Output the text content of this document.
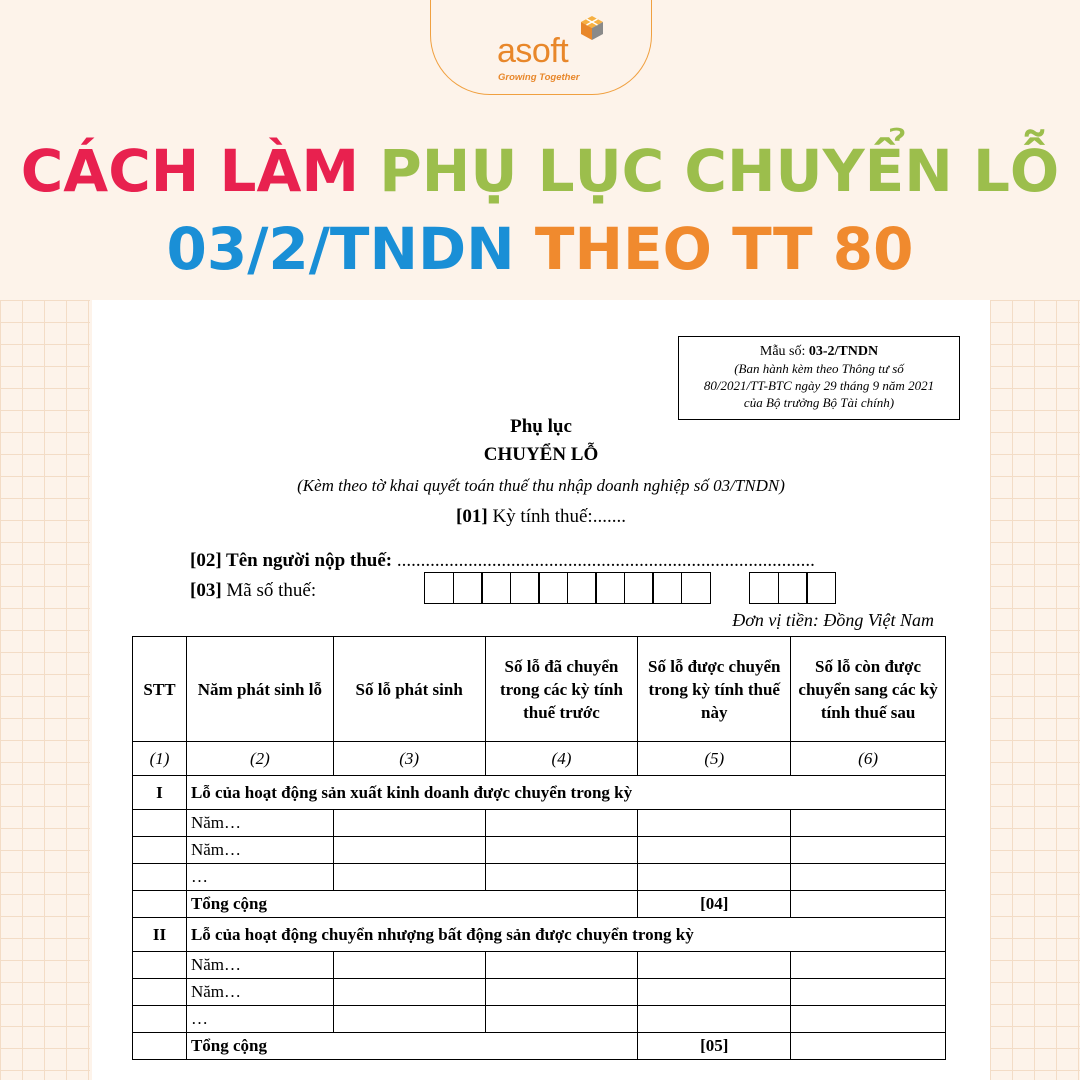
asoft
Growing Together
CÁCH LÀM PHỤ LỤC CHUYỂN LỖ
03/2/TNDN THEO TT 80
Mẫu số: 03-2/TNDN
(Ban hành kèm theo Thông tư số
80/2021/TT-BTC ngày 29 tháng 9 năm 2021
của Bộ trưởng Bộ Tài chính)
Phụ lục
CHUYỂN LỖ
(Kèm theo tờ khai quyết toán thuế thu nhập doanh nghiệp số 03/TNDN)
[01] Kỳ tính thuế:.......
[02] Tên người nộp thuế: ........................................................................................
[03] Mã số thuế:
Đơn vị tiền: Đồng Việt Nam
STT	Năm phát sinh lỗ	Số lỗ phát sinh	Số lỗ đã chuyển trong các kỳ tính thuế trước	Số lỗ được chuyển trong kỳ tính thuế này	Số lỗ còn được chuyển sang các kỳ tính thuế sau
(1)	(2)	(3)	(4)	(5)	(6)
I	Lỗ của hoạt động sản xuất kinh doanh được chuyển trong kỳ				
	Năm…				
	Năm…				
	…				
	Tổng cộng			[04]	
II	Lỗ của hoạt động chuyển nhượng bất động sản được chuyển trong kỳ				
	Năm…				
	Năm…				
	…				
	Tổng cộng			[05]	
